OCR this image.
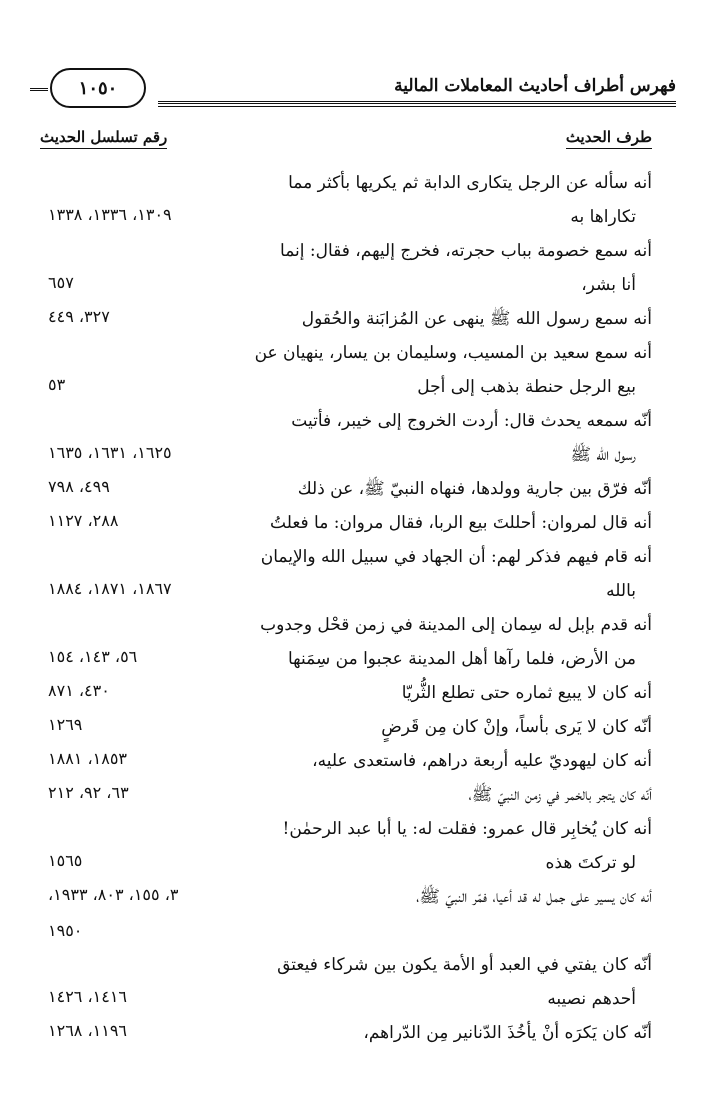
فهرس أطراف أحاديث المعاملات المالية
١٠٥٠
طرف الحديث
رقم تسلسل الحديث
أنه سأله عن الرجل يتكارى الدابة ثم يكريها بأكثر مما
تكاراها به
١٣٠٩، ١٣٣٦، ١٣٣٨
أنه سمع خصومة بباب حجرته، فخرج إليهم، فقال: إنما
أنا بشر،
٦٥٧
أنه سمع رسول الله ﷺ ينهى عن المُزابَنة والحُقول
٣٢٧، ٤٤٩
أنه سمع سعيد بن المسيب، وسليمان بن يسار، ينهيان عن
بيع الرجل حنطة بذهب إلى أجل
٥٣
أنّه سمعه يحدث قال: أردت الخروج إلى خيبر، فأتيت
رسول الله ﷺ
١٦٢٥، ١٦٣١، ١٦٣٥
أنّه فرّق بين جارية وولدها، فنهاه النبيّ ﷺ، عن ذلك
٤٩٩، ٧٩٨
أنه قال لمروان: أحللتَ بيع الربا، فقال مروان: ما فعلتُ
٢٨٨، ١١٢٧
أنه قام فيهم فذكر لهم: أن الجهاد في سبيل الله والإيمان
بالله
١٨٦٧، ١٨٧١، ١٨٨٤
أنه قدم بإبل له سِمان إلى المدينة في زمن قحْل وجدوب
من الأرض، فلما رآها أهل المدينة عجبوا من سِمَنها
٥٦، ١٤٣، ١٥٤
أنه كان لا يبيع ثماره حتى تطلع الثُّريّا
٤٣٠، ٨٧١
أنّه كان لا يَرى بأساً، وإنْ كان مِن قَرضٍ
١٢٦٩
أنه كان ليهوديّ عليه أربعة دراهم، فاستعدى عليه،
١٨٥٣، ١٨٨١
أنّه كان يتجر بالخمر في زمن النبيّ ﷺ،
٦٣، ٩٢، ٢١٢
أنه كان يُخابِر قال عمرو: فقلت له: يا أبا عبد الرحمٰن!
لو تركتَ هذه
١٥٦٥
أنه كان يسير على جمل له قد أعيا، فمّر النبيّ ﷺ،
٣، ١٥٥، ٨٠٣، ١٩٣٣،
١٩٥٠
أنّه كان يفتي في العبد أو الأمة يكون بين شركاء فيعتق
أحدهم نصيبه
١٤١٦، ١٤٢٦
أنّه كان يَكرَه أنْ يأخُذَ الدّنانير مِن الدّراهم،
١١٩٦، ١٢٦٨
